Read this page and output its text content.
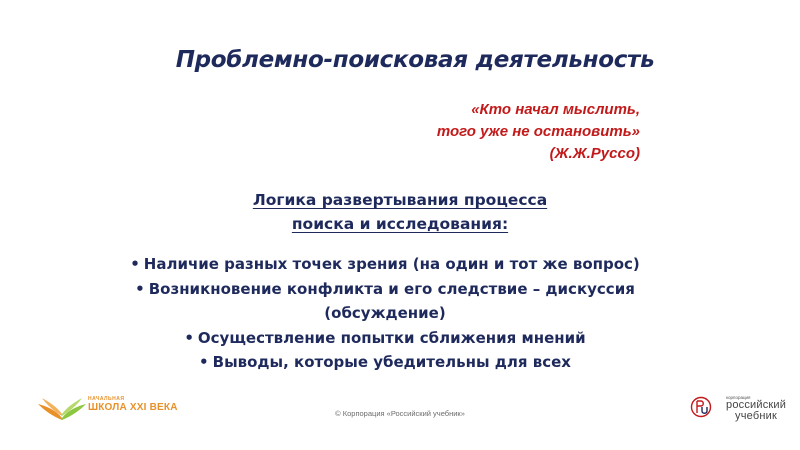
Проблемно-поисковая деятельность
«Кто начал мыслить,
того уже не остановить»
(Ж.Ж.Руссо)
Логика развертывания процесса
поиска и исследования:
• Наличие разных точек зрения (на один и тот же вопрос)
• Возникновение конфликта и его следствие – дискуссия (обсуждение)
• Осуществление попытки сближения мнений
• Выводы, которые убедительны для всех
НАЧАЛЬНАЯ
ШКОЛА XXI ВЕКА
© Корпорация «Российский учебник»
корпорация
российский
учебник
